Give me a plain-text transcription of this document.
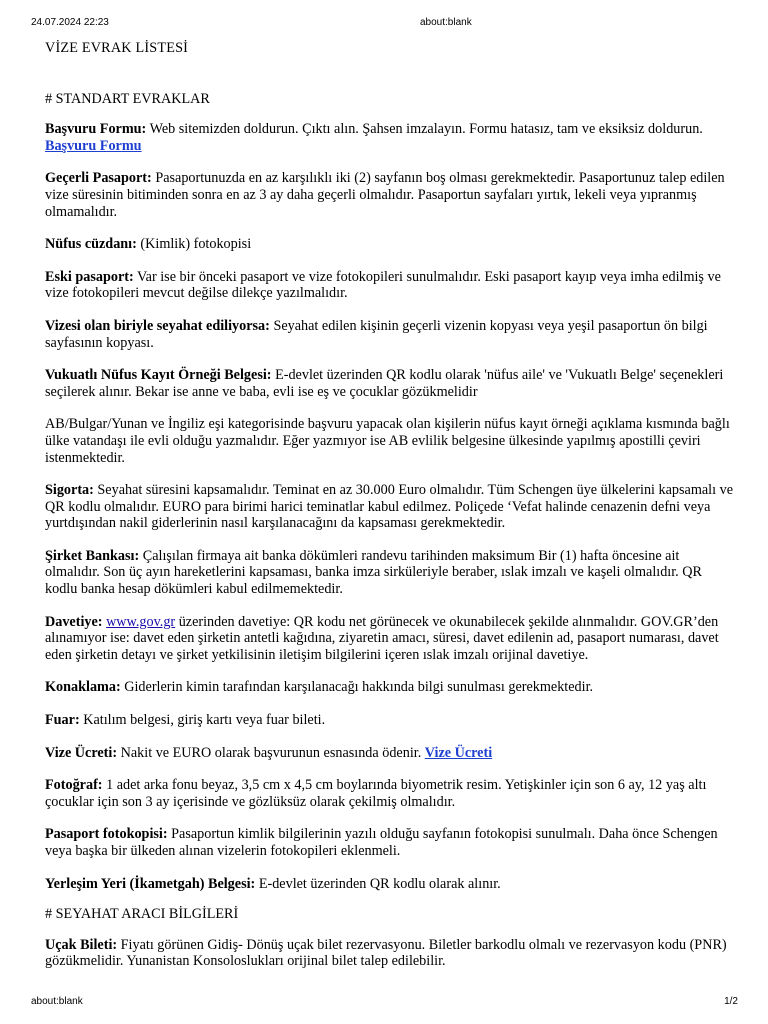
24.07.2024 22:23	about:blank
VİZE EVRAK LİSTESİ
# STANDART EVRAKLAR

Başvuru Formu: Web sitemizden doldurun. Çıktı alın. Şahsen imzalayın. Formu hatasız, tam ve eksiksiz doldurun. Başvuru Formu

Geçerli Pasaport: Pasaportunuzda en az karşılıklı iki (2) sayfanın boş olması gerekmektedir. Pasaportunuz talep edilen vize süresinin bitiminden sonra en az 3 ay daha geçerli olmalıdır. Pasaportun sayfaları yırtık, lekeli veya yıpranmış olmamalıdır.

Nüfus cüzdanı: (Kimlik) fotokopisi

Eski pasaport: Var ise bir önceki pasaport ve vize fotokopileri sunulmalıdır. Eski pasaport kayıp veya imha edilmiş ve vize fotokopileri mevcut değilse dilekçe yazılmalıdır.

Vizesi olan biriyle seyahat ediliyorsa: Seyahat edilen kişinin geçerli vizenin kopyası veya yeşil pasaportun ön bilgi sayfasının kopyası.

Vukuatlı Nüfus Kayıt Örneği Belgesi: E-devlet üzerinden QR kodlu olarak 'nüfus aile' ve 'Vukuatlı Belge' seçenekleri seçilerek alınır. Bekar ise anne ve baba, evli ise eş ve çocuklar gözükmelidir

AB/Bulgar/Yunan ve İngiliz eşi kategorisinde başvuru yapacak olan kişilerin nüfus kayıt örneği açıklama kısmında bağlı ülke vatandaşı ile evli olduğu yazmalıdır. Eğer yazmıyor ise AB evlilik belgesine ülkesinde yapılmış apostilli çeviri istenmektedir.

Sigorta: Seyahat süresini kapsamalıdır. Teminat en az 30.000 Euro olmalıdır. Tüm Schengen üye ülkelerini kapsamalı ve QR kodlu olmalıdır. EURO para birimi harici teminatlar kabul edilmez. Poliçede ‘Vefat halinde cenazenin defni veya yurtdışından nakil giderlerinin nasıl karşılanacağını da kapsaması gerekmektedir.

Şirket Bankası: Çalışılan firmaya ait banka dökümleri randevu tarihinden maksimum Bir (1) hafta öncesine ait olmalıdır. Son üç ayın hareketlerini kapsaması, banka imza sirküleriyle beraber, ıslak imzalı ve kaşeli olmalıdır. QR kodlu banka hesap dökümleri kabul edilmemektedir.

Davetiye: www.gov.gr üzerinden davetiye: QR kodu net görünecek ve okunabilecek şekilde alınmalıdır. GOV.GR’den alınamıyor ise: davet eden şirketin antetli kağıdına, ziyaretin amacı, süresi, davet edilenin ad, pasaport numarası, davet eden şirketin detayı ve şirket yetkilisinin iletişim bilgilerini içeren ıslak imzalı orijinal davetiye.

Konaklama: Giderlerin kimin tarafından karşılanacağı hakkında bilgi sunulması gerekmektedir.

Fuar: Katılım belgesi, giriş kartı veya fuar bileti.

Vize Ücreti: Nakit ve EURO olarak başvurunun esnasında ödenir. Vize Ücreti

Fotoğraf: 1 adet arka fonu beyaz, 3,5 cm x 4,5 cm boylarında biyometrik resim. Yetişkinler için son 6 ay, 12 yaş altı çocuklar için son 3 ay içerisinde ve gözlüksüz olarak çekilmiş olmalıdır.

Pasaport fotokopisi: Pasaportun kimlik bilgilerinin yazılı olduğu sayfanın fotokopisi sunulmalı. Daha önce Schengen veya başka bir ülkeden alınan vizelerin fotokopileri eklenmeli.

Yerleşim Yeri (İkametgah) Belgesi: E-devlet üzerinden QR kodlu olarak alınır.

# SEYAHAT ARACI BİLGİLERİ

Uçak Bileti: Fiyatı görünen Gidiş- Dönüş uçak bilet rezervasyonu. Biletler barkodlu olmalı ve rezervasyon kodu (PNR) gözükmelidir. Yunanistan Konsoloslukları orijinal bilet talep edilebilir.

about:blank	1/2
